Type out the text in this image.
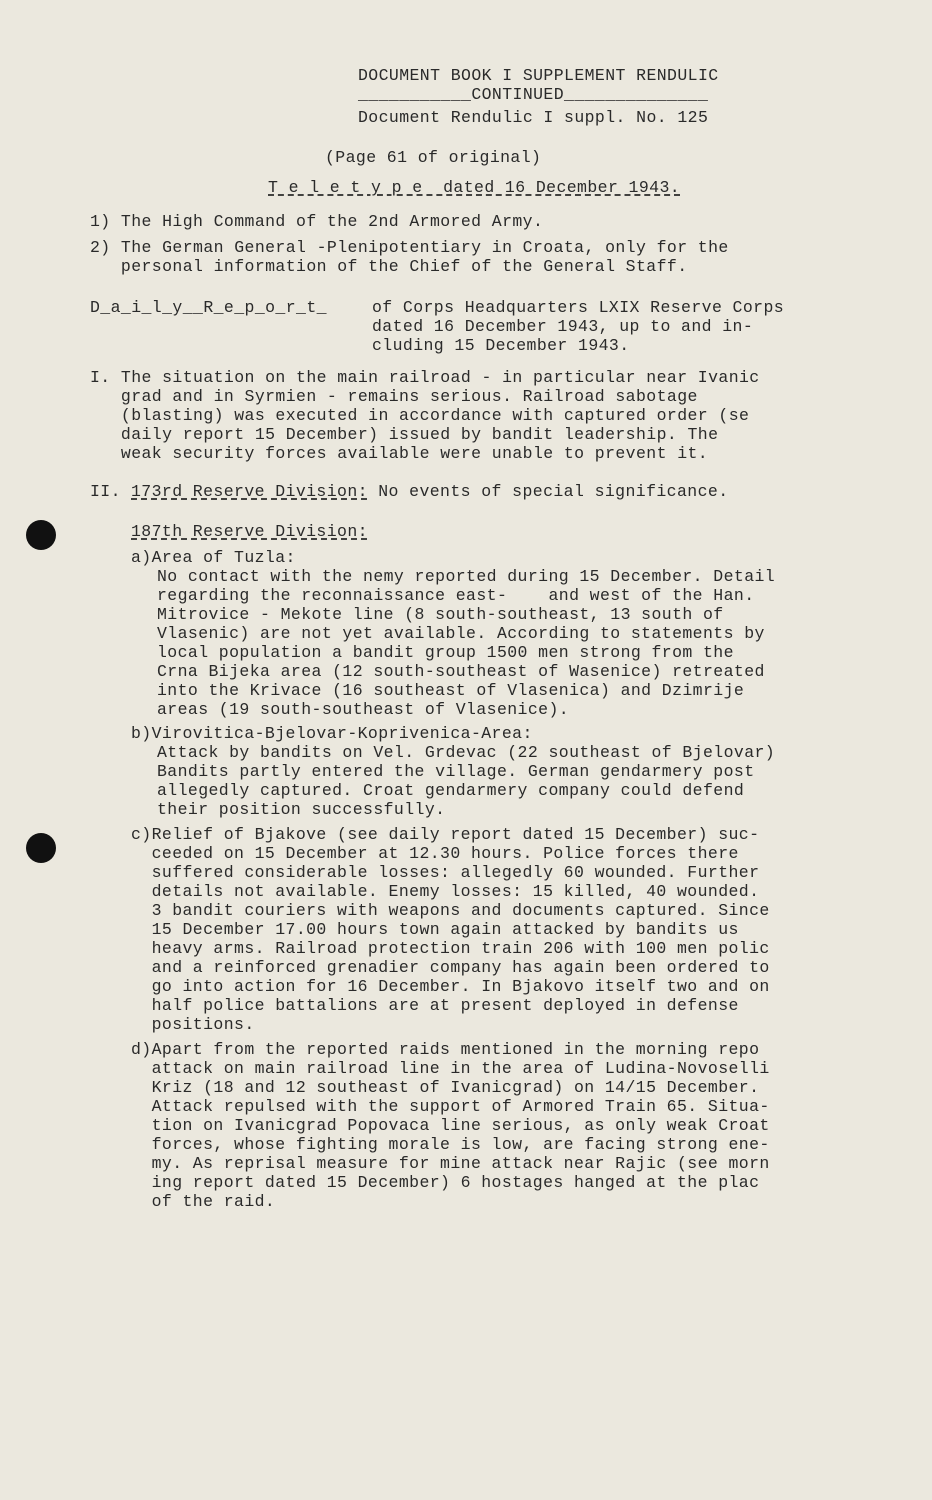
DOCUMENT BOOK I SUPPLEMENT RENDULIC
___________CONTINUED______________
Document Rendulic I suppl. No. 125
(Page 61 of original)
T e l e t y p e  dated 16 December 1943.
1) The High Command of the 2nd Armored Army.
2) The German General -Plenipotentiary in Croata, only for the
personal information of the Chief of the General Staff.
D_a_i_l_y__R_e_p_o_r_t_	of Corps Headquarters LXIX Reserve Corps
dated 16 December 1943, up to and in-
cluding 15 December 1943.
I. The situation on the main railroad - in particular near Ivanic
grad and in Syrmien - remains serious. Railroad sabotage
(blasting) was executed in accordance with captured order (se
daily report 15 December) issued by bandit leadership. The
weak security forces available were unable to prevent it.
II. 173rd Reserve Division: No events of special significance.
187th Reserve Division:
a)Area of Tuzla:
No contact with the nemy reported during 15 December. Detail
regarding the reconnaissance east-    and west of the Han.
Mitrovice - Mekote line (8 south-southeast, 13 south of
Vlasenic) are not yet available. According to statements by
local population a bandit group 1500 men strong from the
Crna Bijeka area (12 south-southeast of Wasenice) retreated
into the Krivace (16 southeast of Vlasenica) and Dzimrije
areas (19 south-southeast of Vlasenice).
b)Virovitica-Bjelovar-Koprivenica-Area:
Attack by bandits on Vel. Grdevac (22 southeast of Bjelovar)
Bandits partly entered the village. German gendarmery post
allegedly captured. Croat gendarmery company could defend
their position successfully.
c)Relief of Bjakove (see daily report dated 15 December) suc-
ceeded on 15 December at 12.30 hours. Police forces there
suffered considerable losses: allegedly 60 wounded. Further
details not available. Enemy losses: 15 killed, 40 wounded.
3 bandit couriers with weapons and documents captured. Since
15 December 17.00 hours town again attacked by bandits us
heavy arms. Railroad protection train 206 with 100 men polic
and a reinforced grenadier company has again been ordered to
go into action for 16 December. In Bjakovo itself two and on
half police battalions are at present deployed in defense
positions.
d)Apart from the reported raids mentioned in the morning repo
attack on main railroad line in the area of Ludina-Novoselli
Kriz (18 and 12 southeast of Ivanicgrad) on 14/15 December.
Attack repulsed with the support of Armored Train 65. Situa-
tion on Ivanicgrad Popovaca line serious, as only weak Croat
forces, whose fighting morale is low, are facing strong ene-
my. As reprisal measure for mine attack near Rajic (see morn
ing report dated 15 December) 6 hostages hanged at the plac
of the raid.
